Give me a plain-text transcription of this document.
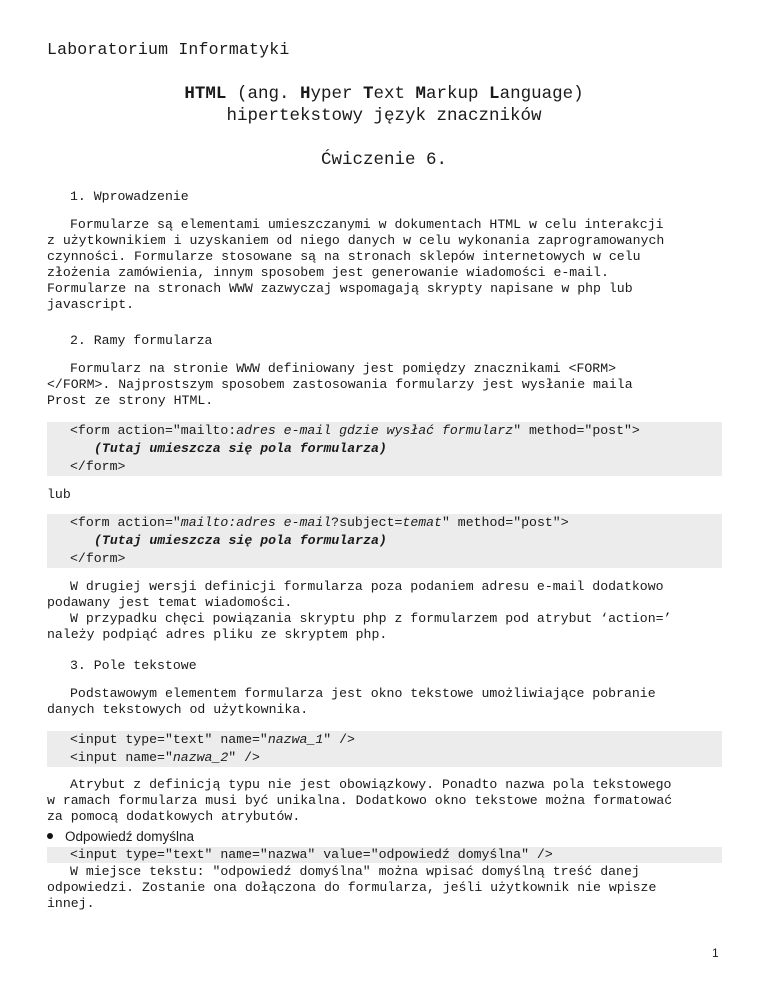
Laboratorium Informatyki
HTML (ang. Hyper Text Markup Language)
hipertekstowy język znaczników
Ćwiczenie 6.
1. Wprowadzenie
Formularze są elementami umieszczanymi w dokumentach HTML w celu interakcji
z użytkownikiem i uzyskaniem od niego danych w celu wykonania zaprogramowanych
czynności. Formularze stosowane są na stronach sklepów internetowych w celu
złożenia zamówienia, innym sposobem jest generowanie wiadomości e-mail.
Formularze na stronach WWW zazwyczaj wspomagają skrypty napisane w php lub
javascript.
2. Ramy formularza
Formularz na stronie WWW definiowany jest pomiędzy znacznikami <FORM>
</FORM>. Najprostszym sposobem zastosowania formularzy jest wysłanie maila
Prost ze strony HTML.
<form action="mailto:adres e-mail gdzie wysłać formularz" method="post">
(Tutaj umieszcza się pola formularza)
</form>
lub
<form action="mailto:adres e-mail?subject=temat" method="post">
(Tutaj umieszcza się pola formularza)
</form>
W drugiej wersji definicji formularza poza podaniem adresu e-mail dodatkowo
podawany jest temat wiadomości.
W przypadku chęci powiązania skryptu php z formularzem pod atrybut ‘action=’
należy podpiąć adres pliku ze skryptem php.
3. Pole tekstowe
Podstawowym elementem formularza jest okno tekstowe umożliwiające pobranie
danych tekstowych od użytkownika.
<input type="text" name="nazwa_1" />
<input name="nazwa_2" />
Atrybut z definicją typu nie jest obowiązkowy. Ponadto nazwa pola tekstowego
w ramach formularza musi być unikalna. Dodatkowo okno tekstowe można formatować
za pomocą dodatkowych atrybutów.
Odpowiedź domyślna
<input type="text" name="nazwa" value="odpowiedź domyślna" />
W miejsce tekstu: "odpowiedź domyślna" można wpisać domyślną treść danej
odpowiedzi. Zostanie ona dołączona do formularza, jeśli użytkownik nie wpisze
innej.
1
